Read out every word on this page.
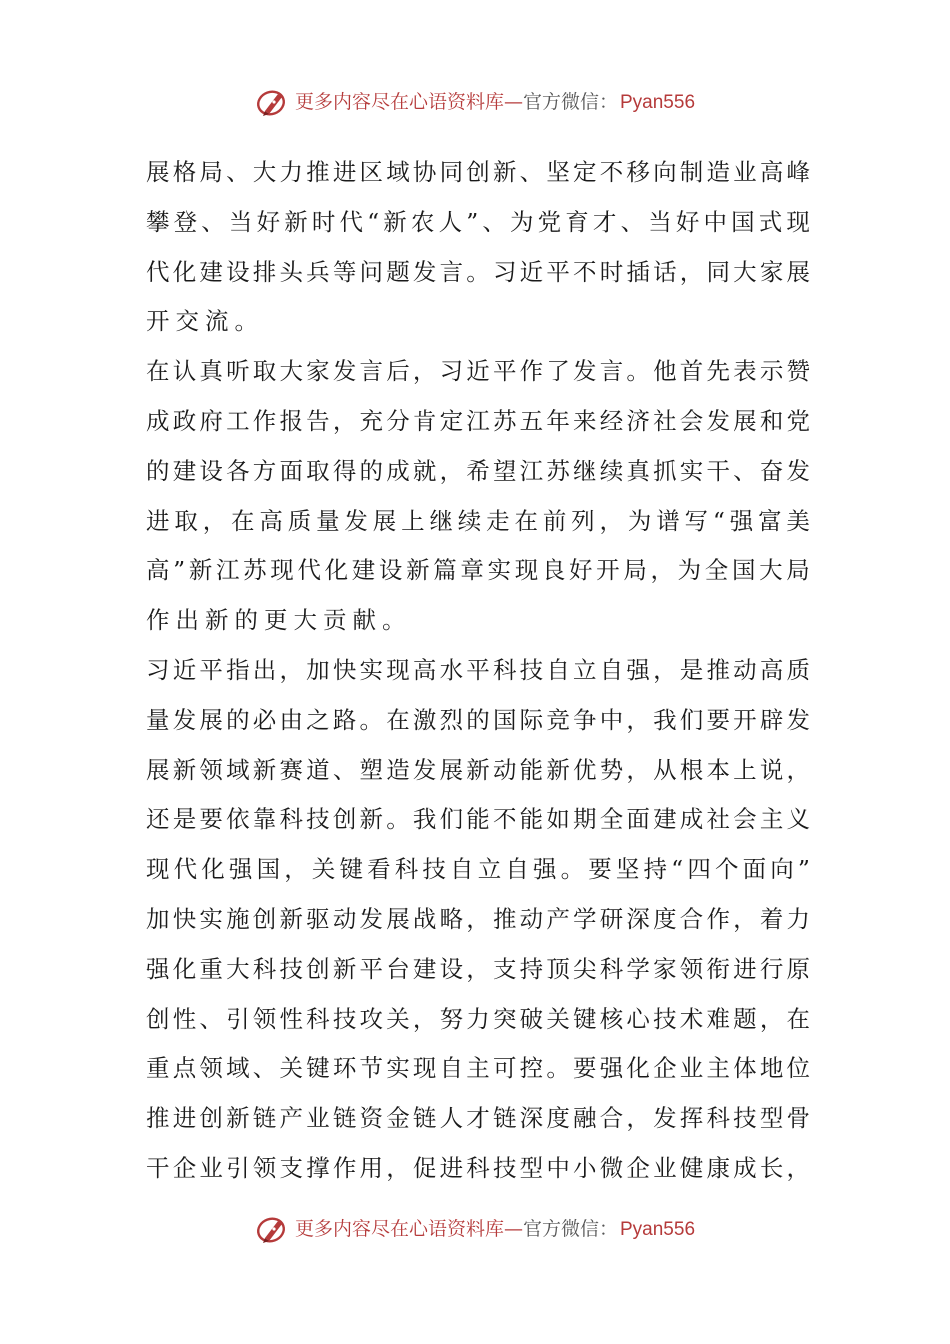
更多内容尽在心语资料库 — 官方微信： Pyan556
展 格 局 、 大 力 推 进 区 域 协 同 创 新 、 坚 定 不 移 向 制 造 业 高 峰
攀 登 、 当 好 新 时 代 “ 新 农 人 ” 、 为 党 育 才 、 当 好 中 国 式 现
代 化 建 设 排 头 兵 等 问 题 发 言 。 习 近 平 不 时 插 话 ， 同 大 家 展
开交流。
在 认 真 听 取 大 家 发 言 后 ， 习 近 平 作 了 发 言 。 他 首 先 表 示 赞
成 政 府 工 作 报 告 ， 充 分 肯 定 江 苏 五 年 来 经 济 社 会 发 展 和 党
的 建 设 各 方 面 取 得 的 成 就 ， 希 望 江 苏 继 续 真 抓 实 干 、 奋 发
进 取 ， 在 高 质 量 发 展 上 继 续 走 在 前 列 ， 为 谱 写 “ 强 富 美
高 ” 新 江 苏 现 代 化 建 设 新 篇 章 实 现 良 好 开 局 ， 为 全 国 大 局
作出新的更大贡献。
习 近 平 指 出 ， 加 快 实 现 高 水 平 科 技 自 立 自 强 ， 是 推 动 高 质
量 发 展 的 必 由 之 路 。 在 激 烈 的 国 际 竞 争 中 ， 我 们 要 开 辟 发
展 新 领 域 新 赛 道 、 塑 造 发 展 新 动 能 新 优 势 ， 从 根 本 上 说 ，
还 是 要 依 靠 科 技 创 新 。 我 们 能 不 能 如 期 全 面 建 成 社 会 主 义
现 代 化 强 国 ， 关 键 看 科 技 自 立 自 强 。 要 坚 持 “ 四 个 面 向 ”
加 快 实 施 创 新 驱 动 发 展 战 略 ， 推 动 产 学 研 深 度 合 作 ， 着 力
强 化 重 大 科 技 创 新 平 台 建 设 ， 支 持 顶 尖 科 学 家 领 衔 进 行 原
创 性 、 引 领 性 科 技 攻 关 ， 努 力 突 破 关 键 核 心 技 术 难 题 ， 在
重 点 领 域 、 关 键 环 节 实 现 自 主 可 控 。 要 强 化 企 业 主 体 地 位
推 进 创 新 链 产 业 链 资 金 链 人 才 链 深 度 融 合 ， 发 挥 科 技 型 骨
干 企 业 引 领 支 撑 作 用 ， 促 进 科 技 型 中 小 微 企 业 健 康 成 长 ，
更多内容尽在心语资料库 — 官方微信： Pyan556
